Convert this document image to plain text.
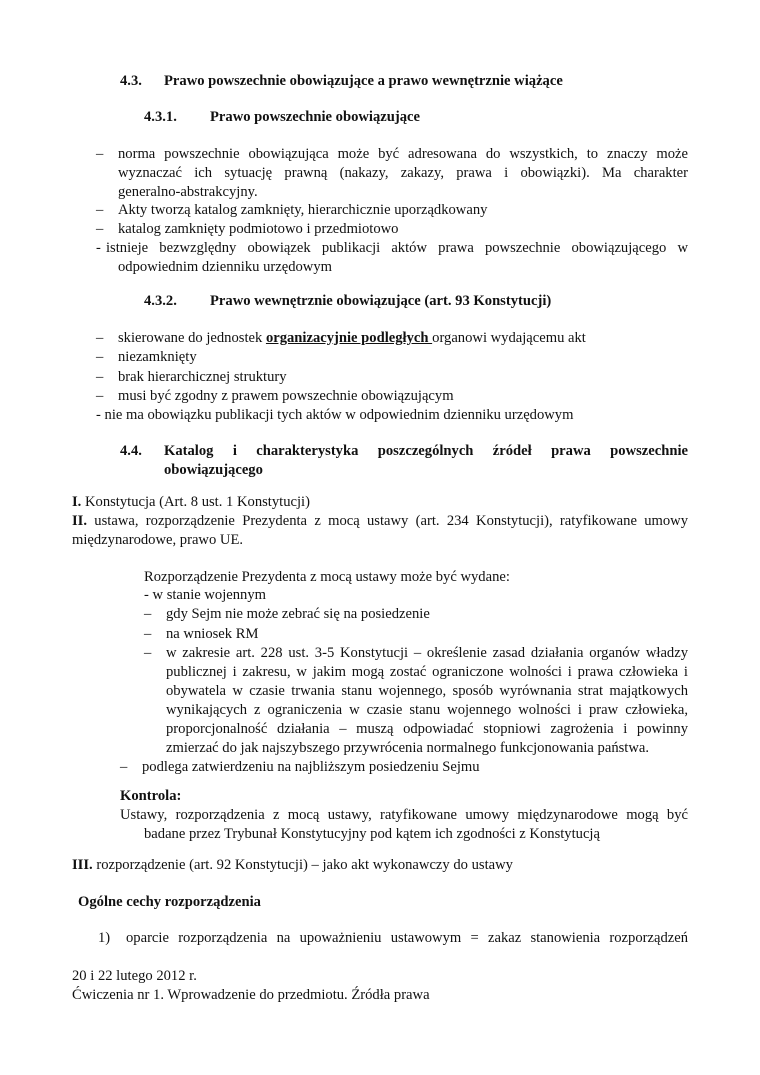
4.3. Prawo powszechnie obowiązujące a prawo wewnętrznie wiążące
4.3.1. Prawo powszechnie obowiązujące
– norma powszechnie obowiązująca może być adresowana do wszystkich, to znaczy może
wyznaczać ich sytuację prawną (nakazy, zakazy, prawa i obowiązki). Ma charakter
generalno-abstrakcyjny.
– Akty tworzą katalog zamknięty, hierarchicznie uporządkowany
– katalog zamknięty podmiotowo i przedmiotowo
- istnieje bezwzględny obowiązek publikacji aktów prawa powszechnie obowiązującego w
odpowiednim dzienniku urzędowym
4.3.2. Prawo wewnętrznie obowiązujące (art. 93 Konstytucji)
– skierowane do jednostek organizacyjnie podległych organowi wydającemu akt
– niezamknięty
– brak hierarchicznej struktury
– musi być zgodny z prawem powszechnie obowiązującym
- nie ma obowiązku publikacji tych aktów w odpowiednim dzienniku urzędowym
4.4.	Katalog i charakterystyka poszczególnych źródeł prawa powszechnie
obowiązującego
I. Konstytucja (Art. 8 ust. 1 Konstytucji)
II. ustawa, rozporządzenie Prezydenta z mocą ustawy (art. 234 Konstytucji), ratyfikowane umowy
międzynarodowe, prawo UE.
Rozporządzenie Prezydenta z mocą ustawy może być wydane:
- w stanie wojennym
– gdy Sejm nie może zebrać się na posiedzenie
– na wniosek RM
– w zakresie art. 228 ust. 3-5 Konstytucji – określenie zasad działania organów władzy
publicznej i zakresu, w jakim mogą zostać ograniczone wolności i prawa człowieka i
obywatela w czasie trwania stanu wojennego, sposób wyrównania strat majątkowych
wynikających z ograniczenia w czasie stanu wojennego wolności i praw człowieka,
proporcjonalność działania – muszą odpowiadać stopniowi zagrożenia i powinny
zmierzać do jak najszybszego przywrócenia normalnego funkcjonowania państwa.
– podlega zatwierdzeniu na najbliższym posiedzeniu Sejmu
Kontrola:
Ustawy, rozporządzenia z mocą ustawy, ratyfikowane umowy międzynarodowe mogą być
badane przez Trybunał Konstytucyjny pod kątem ich zgodności z Konstytucją
III. rozporządzenie (art. 92 Konstytucji) – jako akt wykonawczy do ustawy
Ogólne cechy rozporządzenia
1) oparcie rozporządzenia na upoważnieniu ustawowym = zakaz stanowienia rozporządzeń
20 i 22 lutego 2012 r.
Ćwiczenia nr 1. Wprowadzenie do przedmiotu. Źródła prawa
